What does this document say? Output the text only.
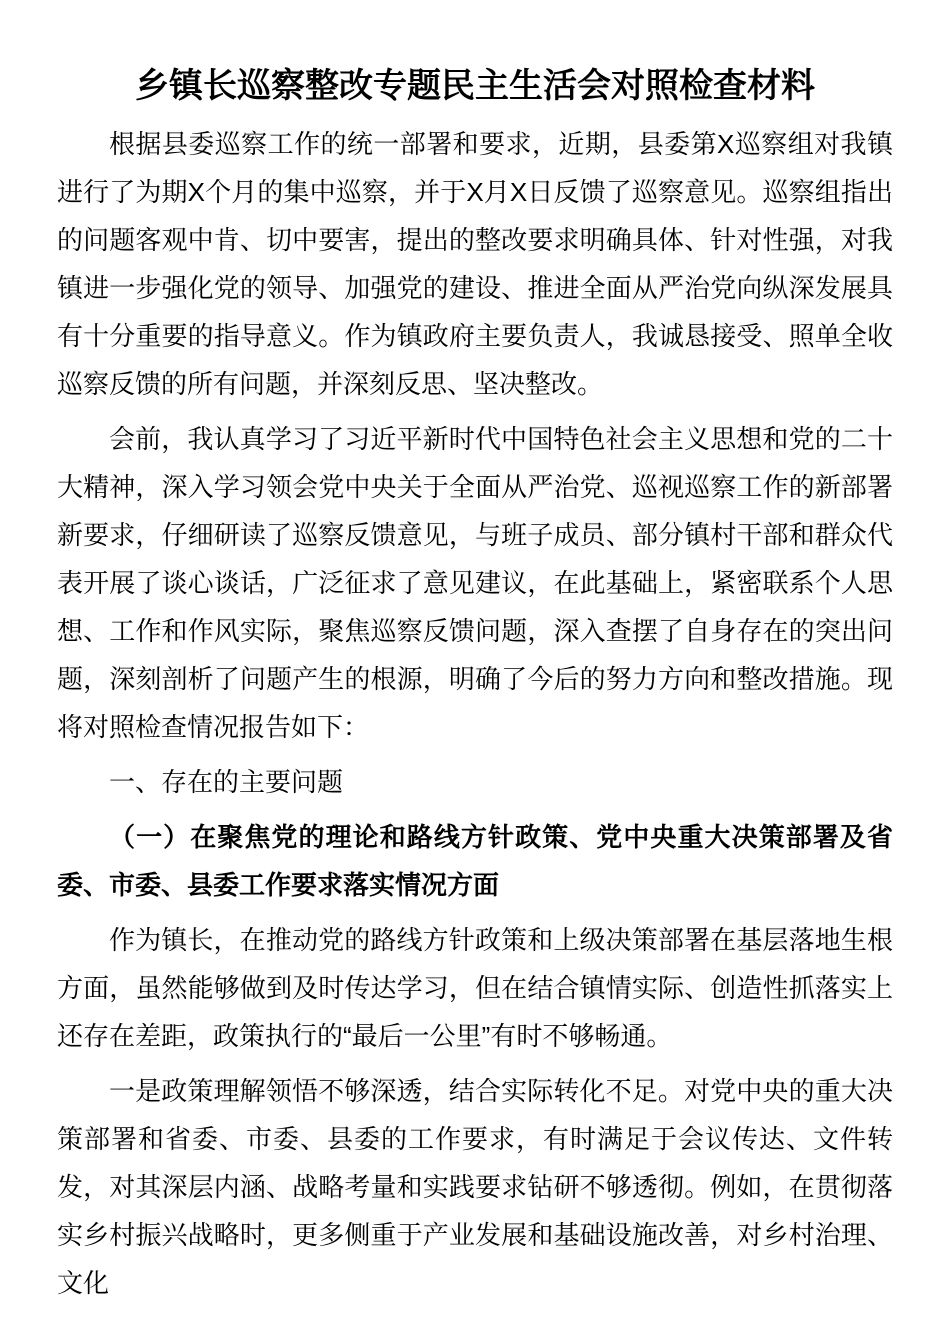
乡镇长巡察整改专题民主生活会对照检查材料

根据县委巡察工作的统一部署和要求，近期，县委第X巡察组对我镇进行了为期X个月的集中巡察，并于X月X日反馈了巡察意见。巡察组指出的问题客观中肯、切中要害，提出的整改要求明确具体、针对性强，对我镇进一步强化党的领导、加强党的建设、推进全面从严治党向纵深发展具有十分重要的指导意义。作为镇政府主要负责人，我诚恳接受、照单全收巡察反馈的所有问题，并深刻反思、坚决整改。

会前，我认真学习了习近平新时代中国特色社会主义思想和党的二十大精神，深入学习领会党中央关于全面从严治党、巡视巡察工作的新部署新要求，仔细研读了巡察反馈意见，与班子成员、部分镇村干部和群众代表开展了谈心谈话，广泛征求了意见建议，在此基础上，紧密联系个人思想、工作和作风实际，聚焦巡察反馈问题，深入查摆了自身存在的突出问题，深刻剖析了问题产生的根源，明确了今后的努力方向和整改措施。现将对照检查情况报告如下：

一、存在的主要问题

（一）在聚焦党的理论和路线方针政策、党中央重大决策部署及省委、市委、县委工作要求落实情况方面

作为镇长，在推动党的路线方针政策和上级决策部署在基层落地生根方面，虽然能够做到及时传达学习，但在结合镇情实际、创造性抓落实上还存在差距，政策执行的“最后一公里”有时不够畅通。

一是政策理解领悟不够深透，结合实际转化不足。对党中央的重大决策部署和省委、市委、县委的工作要求，有时满足于会议传达、文件转发，对其深层内涵、战略考量和实践要求钻研不够透彻。例如，在贯彻落实乡村振兴战略时，更多侧重于产业发展和基础设施改善，对乡村治理、文化
